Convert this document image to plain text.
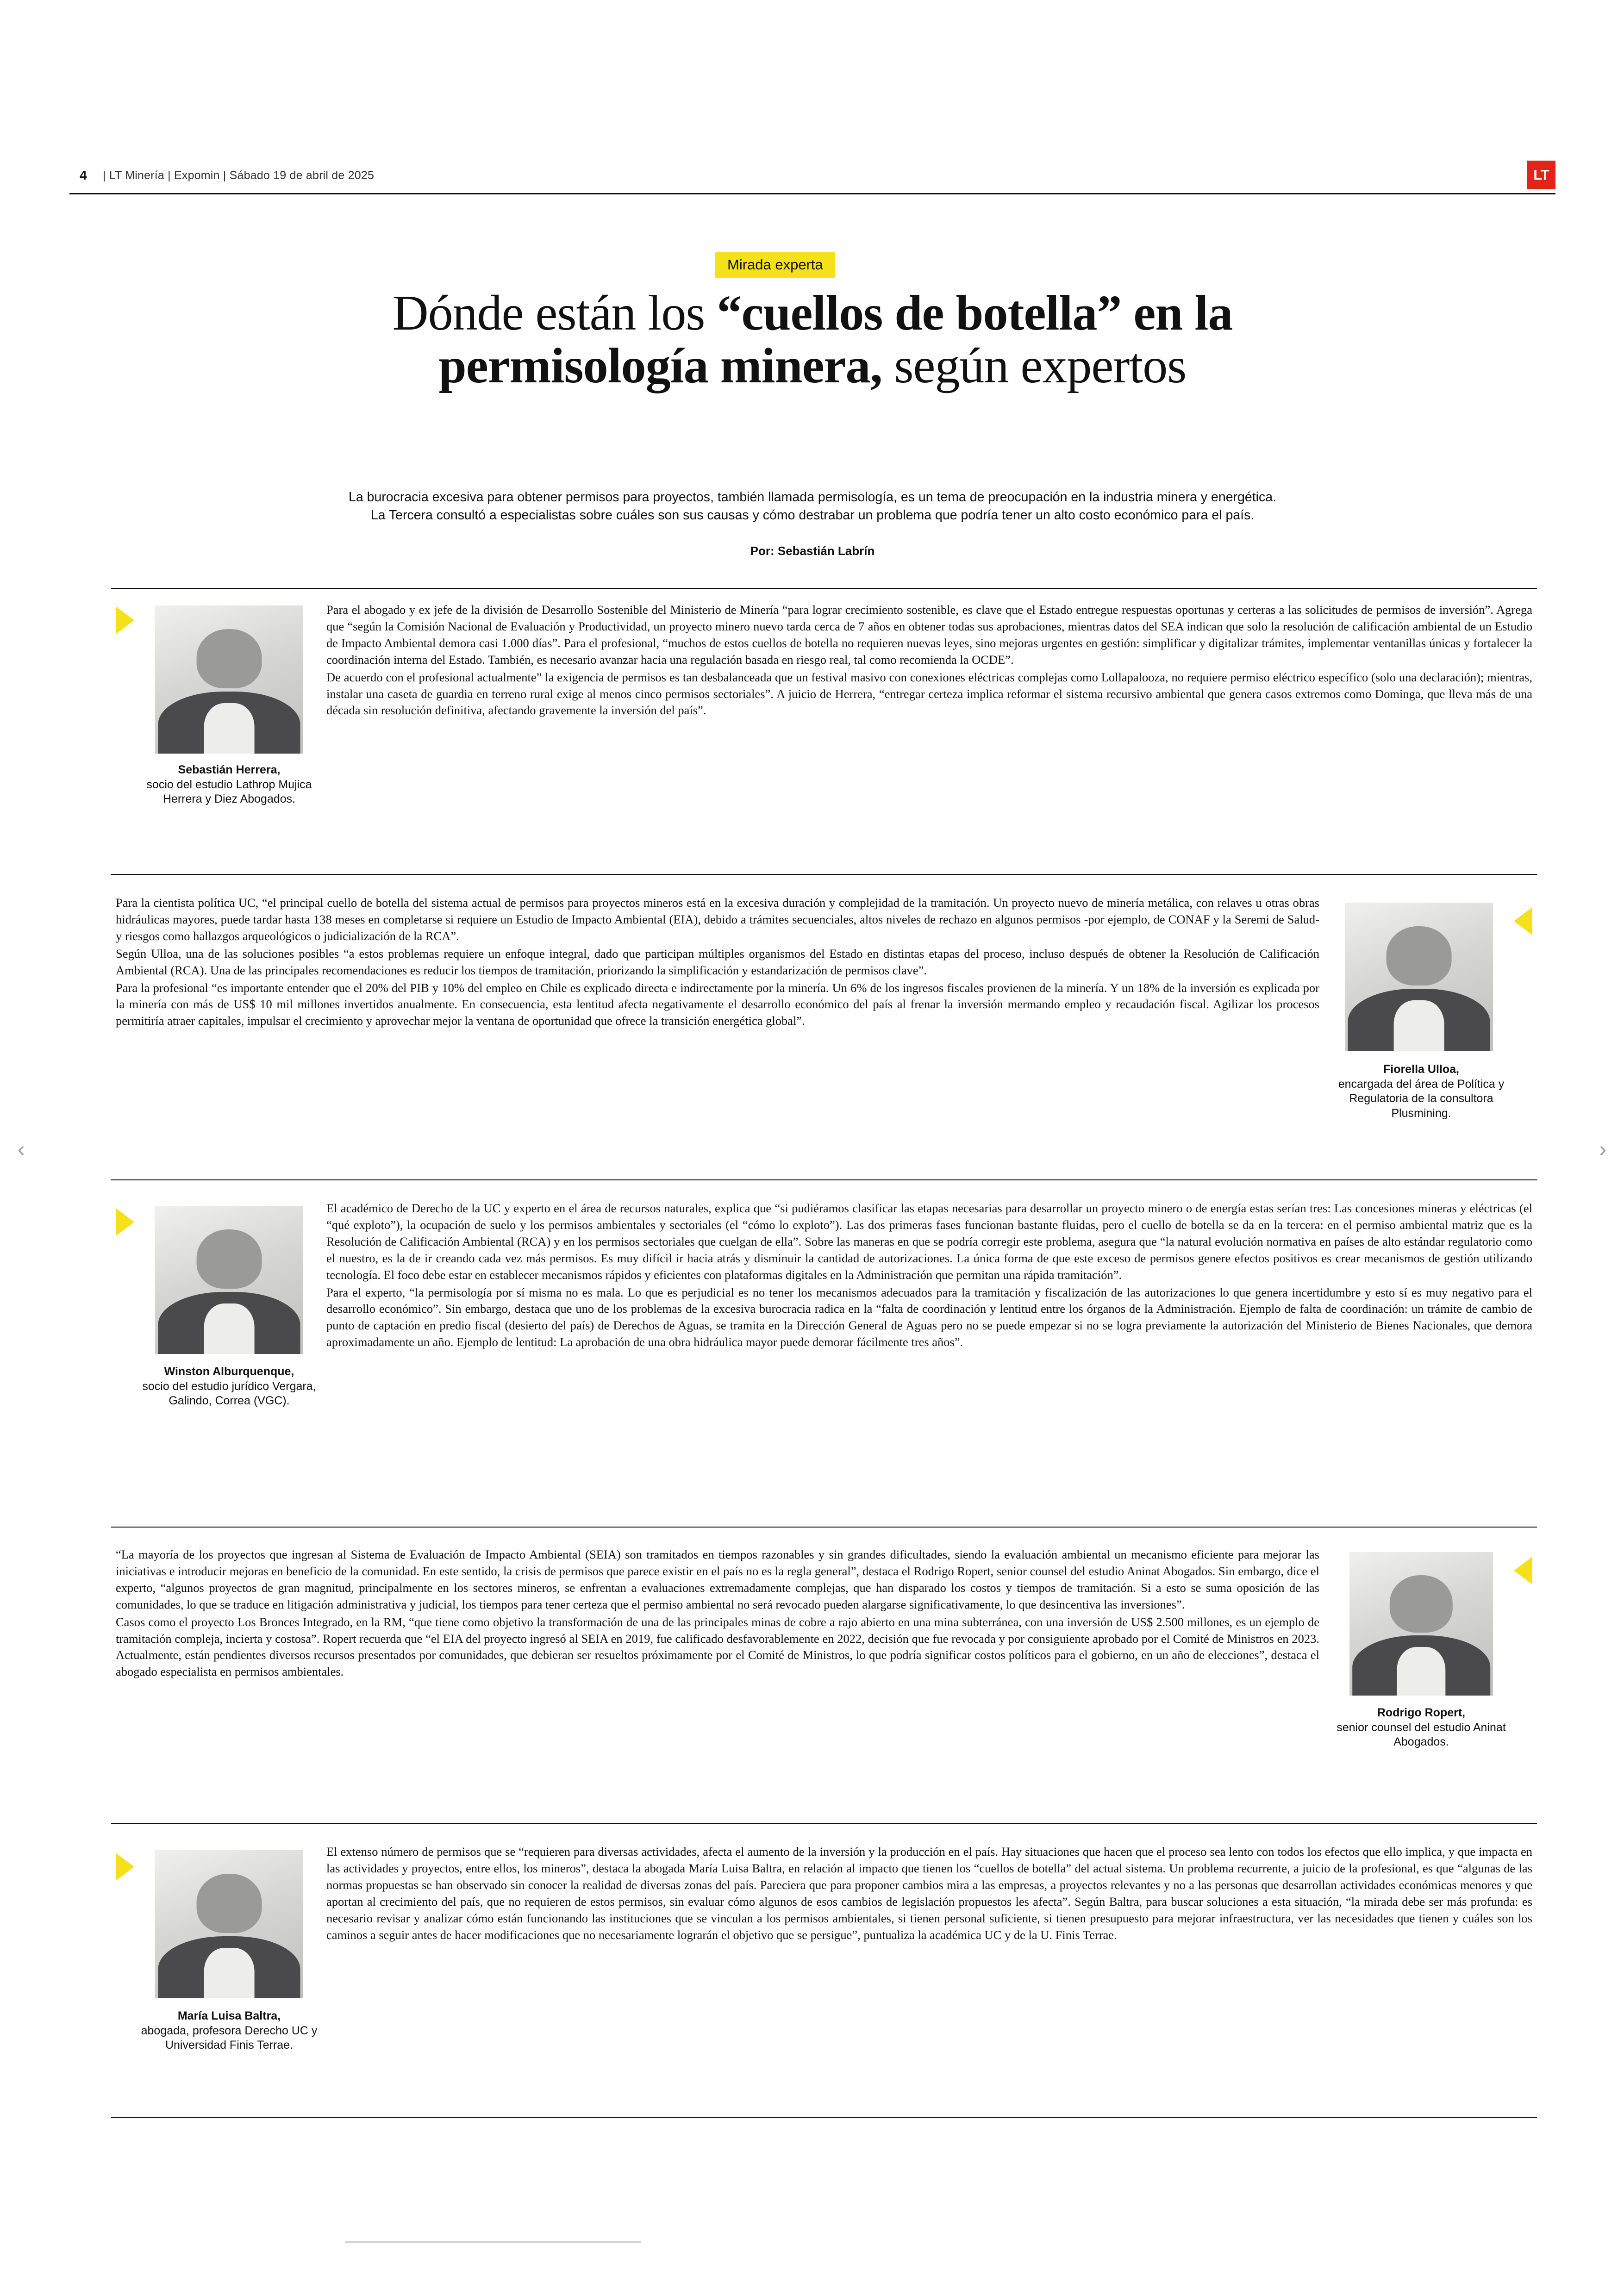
4 | LT Minería | Expomin | Sábado 19 de abril de 2025	LT
Mirada experta
Dónde están los “cuellos de botella” en la
permisología minera, según expertos
La burocracia excesiva para obtener permisos para proyectos, también llamada permisología, es un tema de preocupación en la industria minera y energética.
La Tercera consultó a especialistas sobre cuáles son sus causas y cómo destrabar un problema que podría tener un alto costo económico para el país.
Por: Sebastián Labrín
Sebastián Herrera,
socio del estudio Lathrop Mujica Herrera y Diez Abogados.

Para el abogado y ex jefe de la división de Desarrollo Sostenible del Ministerio de Minería “para lograr crecimiento sostenible, es clave que el Estado entregue respuestas oportunas y certeras a las solicitudes de permisos de inversión”. Agrega que “según la Comisión Nacional de Evaluación y Productividad, un proyecto minero nuevo tarda cerca de 7 años en obtener todas sus aprobaciones, mientras datos del SEA indican que solo la resolución de calificación ambiental de un Estudio de Impacto Ambiental demora casi 1.000 días”. Para el profesional, “muchos de estos cuellos de botella no requieren nuevas leyes, sino mejoras urgentes en gestión: simplificar y digitalizar trámites, implementar ventanillas únicas y fortalecer la coordinación interna del Estado. También, es necesario avanzar hacia una regulación basada en riesgo real, tal como recomienda la OCDE”.

De acuerdo con el profesional actualmente” la exigencia de permisos es tan desbalanceada que un festival masivo con conexiones eléctricas complejas como Lollapalooza, no requiere permiso eléctrico específico (solo una declaración); mientras, instalar una caseta de guardia en terreno rural exige al menos cinco permisos sectoriales”. A juicio de Herrera, “entregar certeza implica reformar el sistema recursivo ambiental que genera casos extremos como Dominga, que lleva más de una década sin resolución definitiva, afectando gravemente la inversión del país”.

Fiorella Ulloa,
encargada del área de Política y Regulatoria de la consultora Plusmining.

Para la cientista política UC, “el principal cuello de botella del sistema actual de permisos para proyectos mineros está en la excesiva duración y complejidad de la tramitación. Un proyecto nuevo de minería metálica, con relaves u otras obras hidráulicas mayores, puede tardar hasta 138 meses en completarse si requiere un Estudio de Impacto Ambiental (EIA), debido a trámites secuenciales, altos niveles de rechazo en algunos permisos -por ejemplo, de CONAF y la Seremi de Salud- y riesgos como hallazgos arqueológicos o judicialización de la RCA”.

Según Ulloa, una de las soluciones posibles “a estos problemas requiere un enfoque integral, dado que participan múltiples organismos del Estado en distintas etapas del proceso, incluso después de obtener la Resolución de Calificación Ambiental (RCA). Una de las principales recomendaciones es reducir los tiempos de tramitación, priorizando la simplificación y estandarización de permisos clave”.

Para la profesional “es importante entender que el 20% del PIB y 10% del empleo en Chile es explicado directa e indirectamente por la minería. Un 6% de los ingresos fiscales provienen de la minería. Y un 18% de la inversión es explicada por la minería con más de US$ 10 mil millones invertidos anualmente. En consecuencia, esta lentitud afecta negativamente el desarrollo económico del país al frenar la inversión mermando empleo y recaudación fiscal. Agilizar los procesos permitiría atraer capitales, impulsar el crecimiento y aprovechar mejor la ventana de oportunidad que ofrece la transición energética global”.

Winston Alburquenque,
socio del estudio jurídico Vergara, Galindo, Correa (VGC).

El académico de Derecho de la UC y experto en el área de recursos naturales, explica que “si pudiéramos clasificar las etapas necesarias para desarrollar un proyecto minero o de energía estas serían tres: Las concesiones mineras y eléctricas (el “qué exploto”), la ocupación de suelo y los permisos ambientales y sectoriales (el “cómo lo exploto”). Las dos primeras fases funcionan bastante fluidas, pero el cuello de botella se da en la tercera: en el permiso ambiental matriz que es la Resolución de Calificación Ambiental (RCA) y en los permisos sectoriales que cuelgan de ella”. Sobre las maneras en que se podría corregir este problema, asegura que “la natural evolución normativa en países de alto estándar regulatorio como el nuestro, es la de ir creando cada vez más permisos. Es muy difícil ir hacia atrás y disminuir la cantidad de autorizaciones. La única forma de que este exceso de permisos genere efectos positivos es crear mecanismos de gestión utilizando tecnología. El foco debe estar en establecer mecanismos rápidos y eficientes con plataformas digitales en la Administración que permitan una rápida tramitación”.

Para el experto, “la permisología por sí misma no es mala. Lo que es perjudicial es no tener los mecanismos adecuados para la tramitación y fiscalización de las autorizaciones lo que genera incertidumbre y esto sí es muy negativo para el desarrollo económico”. Sin embargo, destaca que uno de los problemas de la excesiva burocracia radica en la “falta de coordinación y lentitud entre los órganos de la Administración. Ejemplo de falta de coordinación: un trámite de cambio de punto de captación en predio fiscal (desierto del país) de Derechos de Aguas, se tramita en la Dirección General de Aguas pero no se puede empezar si no se logra previamente la autorización del Ministerio de Bienes Nacionales, que demora aproximadamente un año. Ejemplo de lentitud: La aprobación de una obra hidráulica mayor puede demorar fácilmente tres años”.

Rodrigo Ropert,
senior counsel del estudio Aninat Abogados.

“La mayoría de los proyectos que ingresan al Sistema de Evaluación de Impacto Ambiental (SEIA) son tramitados en tiempos razonables y sin grandes dificultades, siendo la evaluación ambiental un mecanismo eficiente para mejorar las iniciativas e introducir mejoras en beneficio de la comunidad. En este sentido, la crisis de permisos que parece existir en el país no es la regla general”, destaca el Rodrigo Ropert, senior counsel del estudio Aninat Abogados. Sin embargo, dice el experto, “algunos proyectos de gran magnitud, principalmente en los sectores mineros, se enfrentan a evaluaciones extremadamente complejas, que han disparado los costos y tiempos de tramitación. Si a esto se suma oposición de las comunidades, lo que se traduce en litigación administrativa y judicial, los tiempos para tener certeza que el permiso ambiental no será revocado pueden alargarse significativamente, lo que desincentiva las inversiones”.

Casos como el proyecto Los Bronces Integrado, en la RM, “que tiene como objetivo la transformación de una de las principales minas de cobre a rajo abierto en una mina subterránea, con una inversión de US$ 2.500 millones, es un ejemplo de tramitación compleja, incierta y costosa”. Ropert recuerda que “el EIA del proyecto ingresó al SEIA en 2019, fue calificado desfavorablemente en 2022, decisión que fue revocada y por consiguiente aprobado por el Comité de Ministros en 2023. Actualmente, están pendientes diversos recursos presentados por comunidades, que debieran ser resueltos próximamente por el Comité de Ministros, lo que podría significar costos políticos para el gobierno, en un año de elecciones”, destaca el abogado especialista en permisos ambientales.

María Luisa Baltra,
abogada, profesora Derecho UC y Universidad Finis Terrae.

El extenso número de permisos que se “requieren para diversas actividades, afecta el aumento de la inversión y la producción en el país. Hay situaciones que hacen que el proceso sea lento con todos los efectos que ello implica, y que impacta en las actividades y proyectos, entre ellos, los mineros”, destaca la abogada María Luisa Baltra, en relación al impacto que tienen los “cuellos de botella” del actual sistema. Un problema recurrente, a juicio de la profesional, es que “algunas de las normas propuestas se han observado sin conocer la realidad de diversas zonas del país. Pareciera que para proponer cambios mira a las empresas, a proyectos relevantes y no a las personas que desarrollan actividades económicas menores y que aportan al crecimiento del país, que no requieren de estos permisos, sin evaluar cómo algunos de esos cambios de legislación propuestos les afecta”. Según Baltra, para buscar soluciones a esta situación, “la mirada debe ser más profunda: es necesario revisar y analizar cómo están funcionando las instituciones que se vinculan a los permisos ambientales, si tienen personal suficiente, si tienen presupuesto para mejorar infraestructura, ver las necesidades que tienen y cuáles son los caminos a seguir antes de hacer modificaciones que no necesariamente lograrán el objetivo que se persigue”, puntualiza la académica UC y de la U. Finis Terrae.

‹	›
